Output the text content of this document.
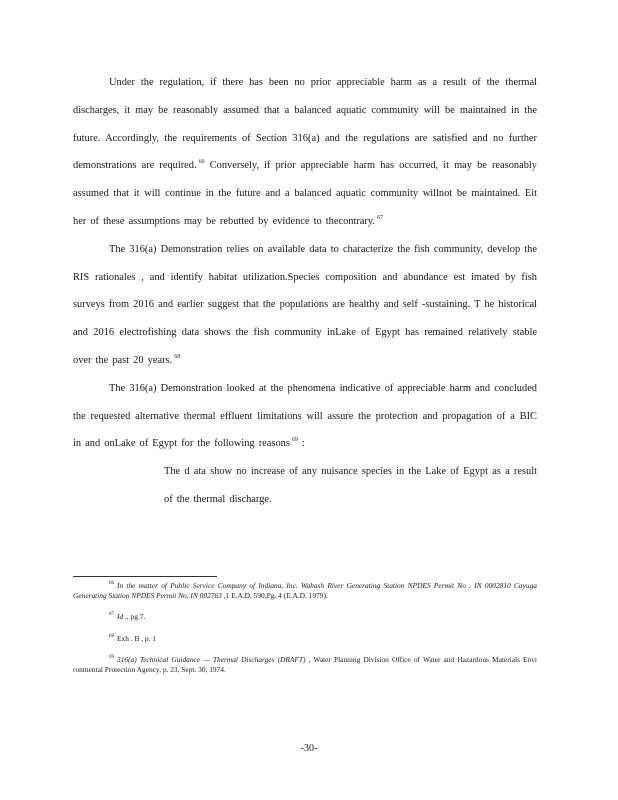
Under the regulation, if there has been no prior appreciable harm as a result of the thermal discharges, it may be reasonably assumed that a balanced aquatic community will be maintained in the future. Accordingly, the requirements of Section 316(a) and the regulations are satisfied and no further demonstrations are required. $^{66}$ Conversely, if prior appreciable harm has occurred, it may be reasonably assumed that it will continue in the future and a balanced aquatic community willnot be maintained. Eit her of these assumptions may be rebutted by evidence to thecontrary. $^{67}$

The 316(a) Demonstration relies on available data to characterize the fish community, develop the RIS rationales , and identify habitat utilization.Species composition and abundance est imated by fish surveys from 2016 and earlier suggest that the populations are healthy and self -sustaining. T he historical and 2016 electrofishing data shows the fish community inLake of Egypt has remained relatively stable over the past 20 years. $^{68}$

The 316(a) Demonstration looked at the phenomena indicative of appreciable harm and concluded the requested alternative thermal effluent limitations will assure the protection and propagation of a BIC in and onLake of Egypt for the following reasons $^{69}$ :

The d ata show no increase of any nuisance species in the Lake of Egypt as a result of the thermal discharge.

$^{66}$ In the matter of Public Service Company of Indiana, Inc. Wabash River Generating Station NPDES Permit No . IN 0002810 Cayuga Generating Station NPDES Permit No. IN 002763 ,1 E.A.D. 590,Pg. 4 (E.A.D. 1979).

$^{67}$ Id ., pg.7.

$^{68}$ Exh . B , p. 1

$^{69}$ 316(a) Technical Guidance — Thermal Discharges (DRAFT) , Water Planning Division Office of Water and Hazardous Materials Envi ronmental Protection Agency, p. 23, Sept. 30, 1974.

-30-
